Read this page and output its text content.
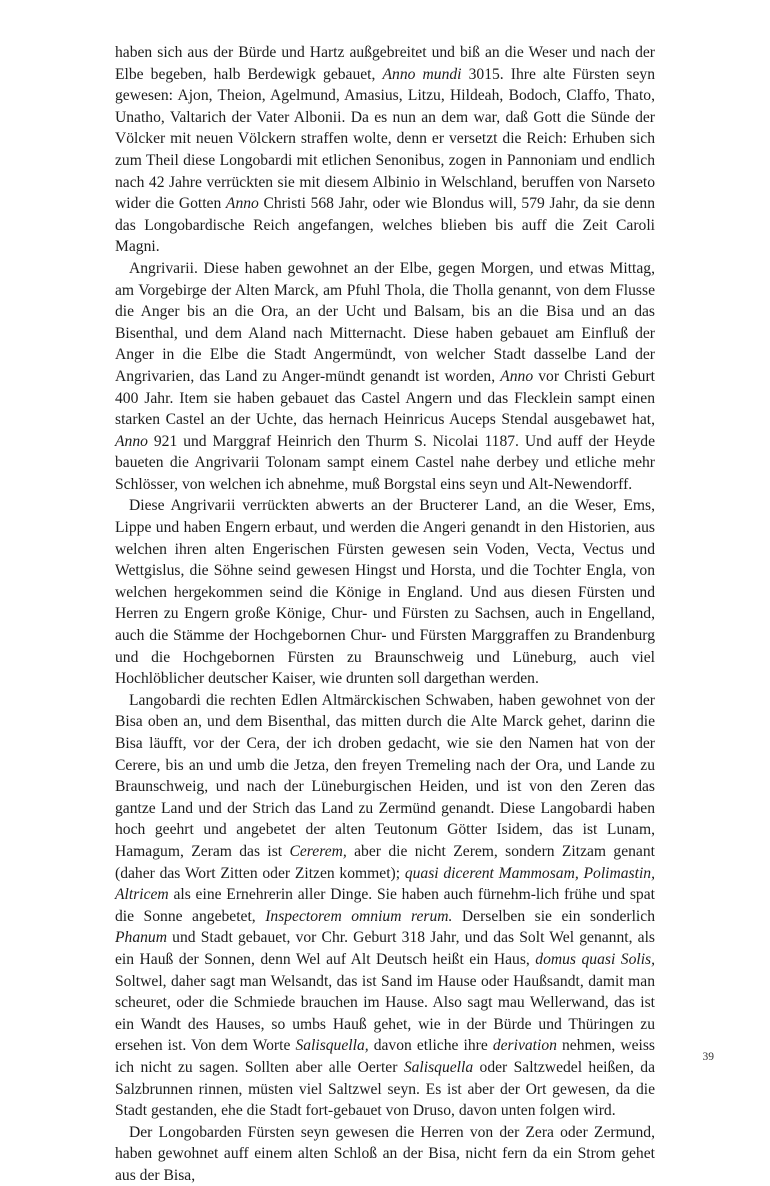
haben sich aus der Bürde und Hartz außgebreitet und biß an die Weser und nach der Elbe begeben, halb Berdewigk gebauet, Anno mundi 3015. Ihre alte Fürsten seyn gewesen: Ajon, Theion, Agelmund, Amasius, Litzu, Hildeah, Bodoch, Claffo, Thato, Unatho, Valtarich der Vater Albonii. Da es nun an dem war, daß Gott die Sünde der Völcker mit neuen Völckern straffen wolte, denn er versetzt die Reich: Erhuben sich zum Theil diese Longobardi mit etlichen Senonibus, zogen in Pannoniam und endlich nach 42 Jahre verrückten sie mit diesem Albinio in Welschland, beruffen von Narseto wider die Gotten Anno Christi 568 Jahr, oder wie Blondus will, 579 Jahr, da sie denn das Longobardische Reich angefangen, welches blieben bis auff die Zeit Caroli Magni.

Angrivarii. Diese haben gewohnet an der Elbe, gegen Morgen, und etwas Mittag, am Vorgebirge der Alten Marck, am Pfuhl Thola, die Tholla genannt, von dem Flusse die Anger bis an die Ora, an der Ucht und Balsam, bis an die Bisa und an das Bisenthal, und dem Aland nach Mitternacht. Diese haben gebauet am Einfluß der Anger in die Elbe die Stadt Angermündt, von welcher Stadt dasselbe Land der Angrivarien, das Land zu Anger-mündt genandt ist worden, Anno vor Christi Geburt 400 Jahr. Item sie haben gebauet das Castel Angern und das Flecklein sampt einen starken Castel an der Uchte, das hernach Heinricus Auceps Stendal ausgebawet hat, Anno 921 und Marggraf Heinrich den Thurm S. Nicolai 1187. Und auff der Heyde baueten die Angrivarii Tolonam sampt einem Castel nahe derbey und etliche mehr Schlösser, von welchen ich abnehme, muß Borgstal eins seyn und Alt-Newendorff.

Diese Angrivarii verrückten abwerts an der Bructerer Land, an die Weser, Ems, Lippe und haben Engern erbaut, und werden die Angeri genandt in den Historien, aus welchen ihren alten Engerischen Fürsten gewesen sein Voden, Vecta, Vectus und Wettgislus, die Söhne seind gewesen Hingst und Horsta, und die Tochter Engla, von welchen hergekommen seind die Könige in England. Und aus diesen Fürsten und Herren zu Engern große Könige, Chur- und Fürsten zu Sachsen, auch in Engelland, auch die Stämme der Hochgebornen Chur- und Fürsten Marggraffen zu Brandenburg und die Hochgebornen Fürsten zu Braunschweig und Lüneburg, auch viel Hochlöblicher deutscher Kaiser, wie drunten soll dargethan werden.

Langobardi die rechten Edlen Altmärckischen Schwaben, haben gewohnet von der Bisa oben an, und dem Bisenthal, das mitten durch die Alte Marck gehet, darinn die Bisa läufft, vor der Cera, der ich droben gedacht, wie sie den Namen hat von der Cerere, bis an und umb die Jetza, den freyen Tremeling nach der Ora, und Lande zu Braunschweig, und nach der Lüneburgischen Heiden, und ist von den Zeren das gantze Land und der Strich das Land zu Zermünd genandt. Diese Langobardi haben hoch geehrt und angebetet der alten Teutonum Götter Isidem, das ist Lunam, Hamagum, Zeram das ist Cererem, aber die nicht Zerem, sondern Zitzam genant (daher das Wort Zitten oder Zitzen kommet); quasi dicerent Mammosam, Polimastin, Altricem als eine Ernehrerin aller Dinge. Sie haben auch fürnehm-lich frühe und spat die Sonne angebetet, Inspectorem omnium rerum. Derselben sie ein sonderlich Phanum und Stadt gebauet, vor Chr. Geburt 318 Jahr, und das Solt Wel genannt, als ein Hauß der Sonnen, denn Wel auf Alt Deutsch heißt ein Haus, domus quasi Solis, Soltwel, daher sagt man Welsandt, das ist Sand im Hause oder Haußsandt, damit man scheuret, oder die Schmiede brauchen im Hause. Also sagt mau Wellerwand, das ist ein Wandt des Hauses, so umbs Hauß gehet, wie in der Bürde und Thüringen zu ersehen ist. Von dem Worte Salisquella, davon etliche ihre derivation nehmen, weiss ich nicht zu sagen. Sollten aber alle Oerter Salisquella oder Saltzwedel heißen, da Salzbrunnen rinnen, müsten viel Saltzwel seyn. Es ist aber der Ort gewesen, da die Stadt gestanden, ehe die Stadt fort-gebauet von Druso, davon unten folgen wird.

Der Longobarden Fürsten seyn gewesen die Herren von der Zera oder Zermund, haben gewohnet auff einem alten Schloß an der Bisa, nicht fern da ein Strom gehet aus der Bisa,

39
